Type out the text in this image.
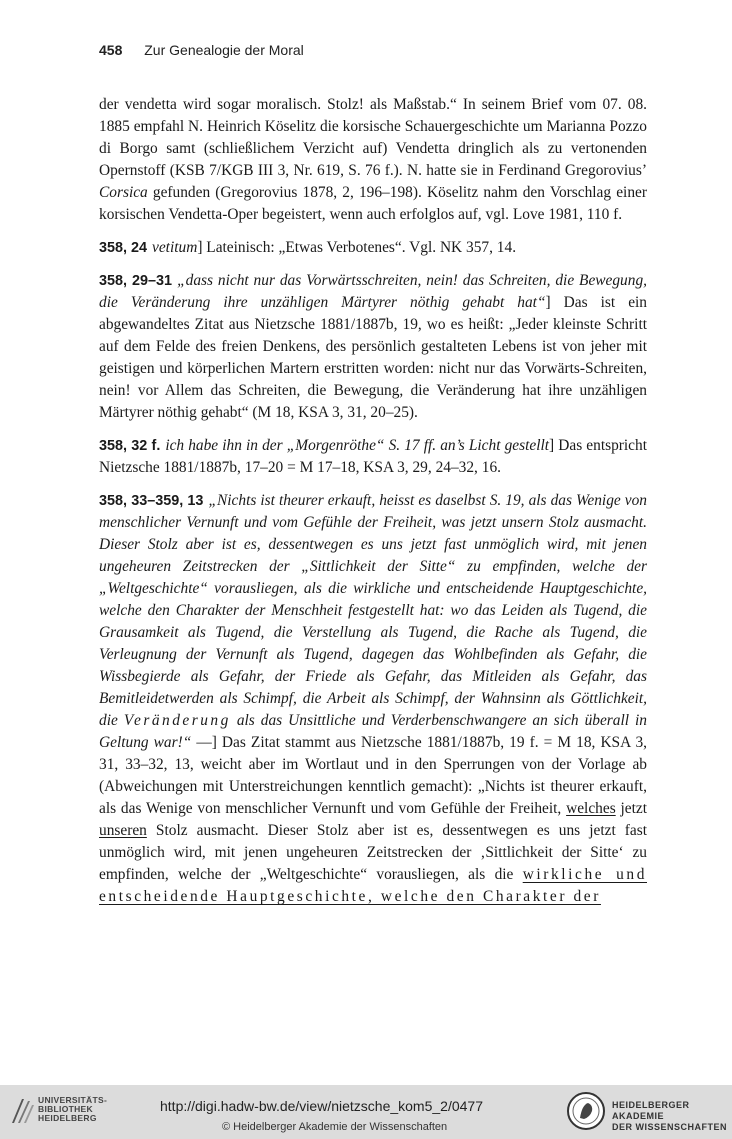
458 Zur Genealogie der Moral

der vendetta wird sogar moralisch. Stolz! als Maßstab.“ In seinem Brief vom 07. 08. 1885 empfahl N. Heinrich Köselitz die korsische Schauergeschichte um Marianna Pozzo di Borgo samt (schließlichem Verzicht auf) Vendetta dringlich als zu vertonenden Opernstoff (KSB 7/KGB III 3, Nr. 619, S. 76 f.). N. hatte sie in Ferdinand Gregorovius’ Corsica gefunden (Gregorovius 1878, 2, 196–198). Köselitz nahm den Vorschlag einer korsischen Vendetta-Oper begeistert, wenn auch erfolglos auf, vgl. Love 1981, 110 f.

358, 24 vetitum] Lateinisch: „Etwas Verbotenes“. Vgl. NK 357, 14.

358, 29–31 „dass nicht nur das Vorwärtsschreiten, nein! das Schreiten, die Bewegung, die Veränderung ihre unzähligen Märtyrer nöthig gehabt hat“] Das ist ein abgewandeltes Zitat aus Nietzsche 1881/1887b, 19, wo es heißt: „Jeder kleinste Schritt auf dem Felde des freien Denkens, des persönlich gestalteten Lebens ist von jeher mit geistigen und körperlichen Martern erstritten worden: nicht nur das Vorwärts-Schreiten, nein! vor Allem das Schreiten, die Bewegung, die Veränderung hat ihre unzähligen Märtyrer nöthig gehabt“ (M 18, KSA 3, 31, 20–25).

358, 32 f. ich habe ihn in der „Morgenröthe“ S. 17 ff. an’s Licht gestellt] Das entspricht Nietzsche 1881/1887b, 17–20 = M 17–18, KSA 3, 29, 24–32, 16.

358, 33–359, 13 „Nichts ist theurer erkauft, heisst es daselbst S. 19, als das Wenige von menschlicher Vernunft und vom Gefühle der Freiheit, was jetzt unsern Stolz ausmacht. Dieser Stolz aber ist es, dessentwegen es uns jetzt fast unmöglich wird, mit jenen ungeheuren Zeitstrecken der „Sittlichkeit der Sitte“ zu empfinden, welche der „Weltgeschichte“ vorausliegen, als die wirkliche und entscheidende Hauptgeschichte, welche den Charakter der Menschheit festgestellt hat: wo das Leiden als Tugend, die Grausamkeit als Tugend, die Verstellung als Tugend, die Rache als Tugend, die Verleugnung der Vernunft als Tugend, dagegen das Wohlbefinden als Gefahr, die Wissbegierde als Gefahr, der Friede als Gefahr, das Mitleiden als Gefahr, das Bemitleidetwerden als Schimpf, die Arbeit als Schimpf, der Wahnsinn als Göttlichkeit, die Veränderung als das Unsittliche und Verderbenschwangere an sich überall in Geltung war!“ —] Das Zitat stammt aus Nietzsche 1881/1887b, 19 f. = M 18, KSA 3, 31, 33–32, 13, weicht aber im Wortlaut und in den Sperrungen von der Vorlage ab (Abweichungen mit Unterstreichungen kenntlich gemacht): „Nichts ist theurer erkauft, als das Wenige von menschlicher Vernunft und vom Gefühle der Freiheit, welches jetzt unseren Stolz ausmacht. Dieser Stolz aber ist es, dessentwegen es uns jetzt fast unmöglich wird, mit jenen ungeheuren Zeitstrecken der ‚Sittlichkeit der Sitte‘ zu empfinden, welche der „Weltgeschichte“ vorausliegen, als die wirkliche und entscheidende Hauptgeschichte, welche den Charakter der

UNIVERSITÄTS-
BIBLIOTHEK
HEIDELBERG
http://digi.hadw-bw.de/view/nietzsche_kom5_2/0477
© Heidelberger Akademie der Wissenschaften
HEIDELBERGER AKADEMIE
DER WISSENSCHAFTEN
